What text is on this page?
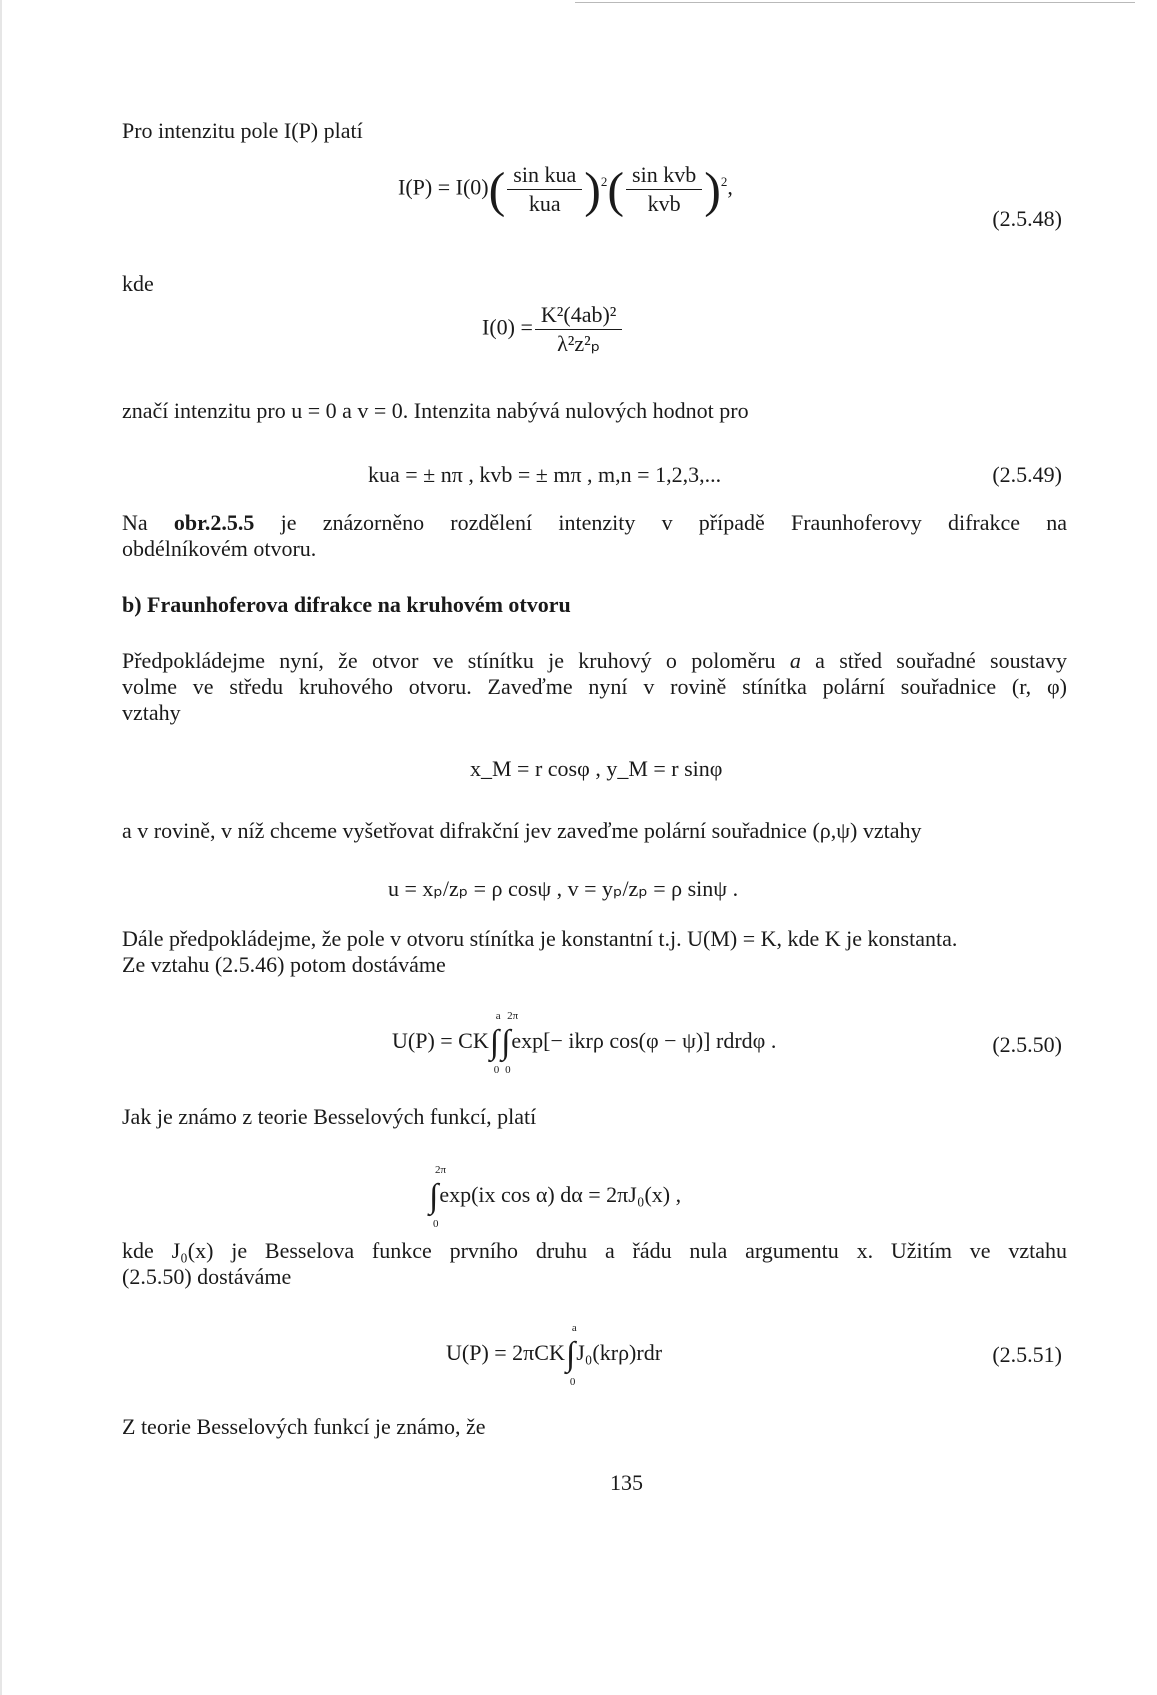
Pro intenzitu pole I(P) platí
$I(P) = I(0)( \frac{\text{sin kua}}{\text{kua}} )^2( \frac{\text{sin kvb}}{\text{kvb}} )^2$,
(2.5.48)
kde
$I(0) = \frac{\text{K²(4ab)²}}{\text{λ²z²ₚ}}$
značí intenzitu pro u = 0 a v = 0. Intenzita nabývá nulových hodnot pro
kua = ± nπ , kvb = ± mπ , m,n = 1,2,3,...	(2.5.49)
Na obr.2.5.5 je znázorněno rozdělení intenzity v případě Fraunhoferovy difrakce na
obdélníkovém otvoru.
b) Fraunhoferova difrakce na kruhovém otvoru
Předpokládejme nyní, že otvor ve stínítku je kruhový o poloměru a a střed souřadné soustavy
volme ve středu kruhového otvoru. Zaveďme nyní v rovině stínítka polární souřadnice (r, φ)
vztahy
x_M = r cosφ , y_M = r sinφ
a v rovině, v níž chceme vyšetřovat difrakční jev zaveďme polární souřadnice (ρ,ψ) vztahy
u = xₚ/zₚ = ρ cosψ , v = yₚ/zₚ = ρ sinψ .
Dále předpokládejme, že pole v otvoru stínítka je konstantní t.j. U(M) = K, kde K je konstanta.
Ze vztahu (2.5.46) potom dostáváme
U(P) = CK∫
a
0
∫
2π
0
exp[− ikrρ cos(φ − ψ)] rdrdφ .	(2.5.50)
Jak je známo z teorie Besselových funkcí, platí
∫
2π
0
exp(ix cos α) dα = 2πJ₀(x) ,
kde J₀(x) je Besselova funkce prvního druhu a řádu nula argumentu x. Užitím ve vztahu
(2.5.50) dostáváme
U(P) = 2πCK∫
a
0
J₀(krρ)rdr	(2.5.51)
Z teorie Besselových funkcí je známo, že
135
